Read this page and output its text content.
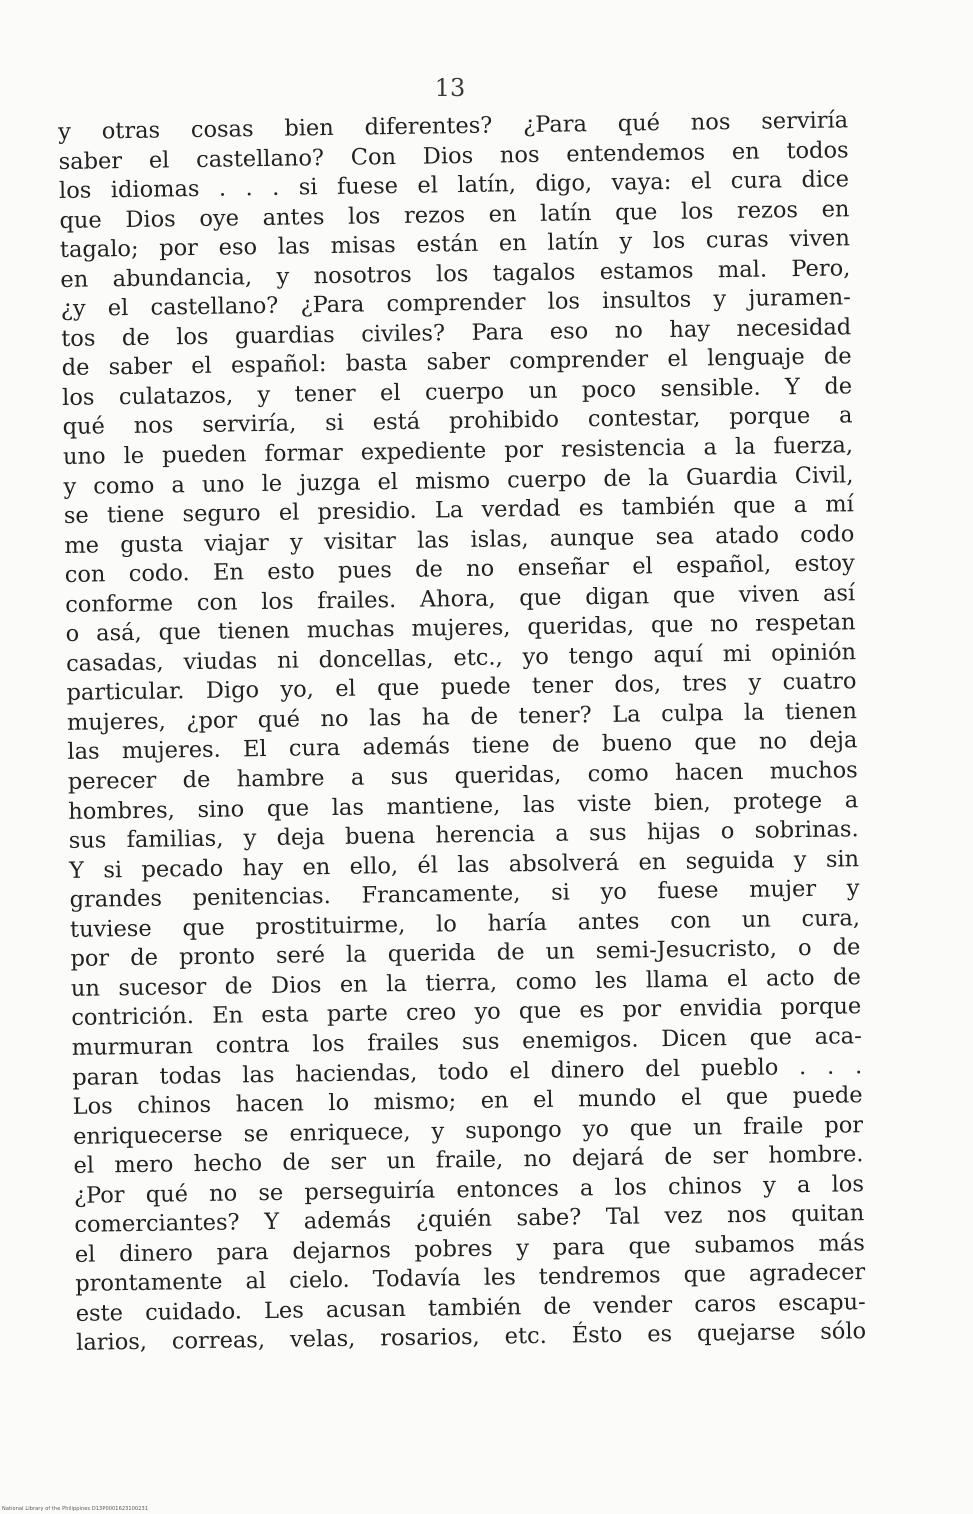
13
y otras cosas bien diferentes? ¿Para qué nos serviría
saber el castellano? Con Dios nos entendemos en todos
los idiomas . . . si fuese el latín, digo, vaya: el cura dice
que Dios oye antes los rezos en latín que los rezos en
tagalo; por eso las misas están en latín y los curas viven
en abundancia, y nosotros los tagalos estamos mal. Pero,
¿y el castellano? ¿Para comprender los insultos y juramen-
tos de los guardias civiles? Para eso no hay necesidad
de saber el español: basta saber comprender el lenguaje de
los culatazos, y tener el cuerpo un poco sensible. Y de
qué nos serviría, si está prohibido contestar, porque a
uno le pueden formar expediente por resistencia a la fuerza,
y como a uno le juzga el mismo cuerpo de la Guardia Civil,
se tiene seguro el presidio. La verdad es también que a mí
me gusta viajar y visitar las islas, aunque sea atado codo
con codo. En esto pues de no enseñar el español, estoy
conforme con los frailes. Ahora, que digan que viven así
o asá, que tienen muchas mujeres, queridas, que no respetan
casadas, viudas ni doncellas, etc., yo tengo aquí mi opinión
particular. Digo yo, el que puede tener dos, tres y cuatro
mujeres, ¿por qué no las ha de tener? La culpa la tienen
las mujeres. El cura además tiene de bueno que no deja
perecer de hambre a sus queridas, como hacen muchos
hombres, sino que las mantiene, las viste bien, protege a
sus familias, y deja buena herencia a sus hijas o sobrinas.
Y si pecado hay en ello, él las absolverá en seguida y sin
grandes penitencias. Francamente, si yo fuese mujer y
tuviese que prostituirme, lo haría antes con un cura,
por de pronto seré la querida de un semi-Jesucristo, o de
un sucesor de Dios en la tierra, como les llama el acto de
contrición. En esta parte creo yo que es por envidia porque
murmuran contra los frailes sus enemigos. Dicen que aca-
paran todas las haciendas, todo el dinero del pueblo . . .
Los chinos hacen lo mismo; en el mundo el que puede
enriquecerse se enriquece, y supongo yo que un fraile por
el mero hecho de ser un fraile, no dejará de ser hombre.
¿Por qué no se perseguiría entonces a los chinos y a los
comerciantes? Y además ¿quién sabe? Tal vez nos quitan
el dinero para dejarnos pobres y para que subamos más
prontamente al cielo. Todavía les tendremos que agradecer
este cuidado. Les acusan también de vender caros escapu-
larios, correas, velas, rosarios, etc. Ésto es quejarse sólo
National Library of the Philippines D13P0001623100231
